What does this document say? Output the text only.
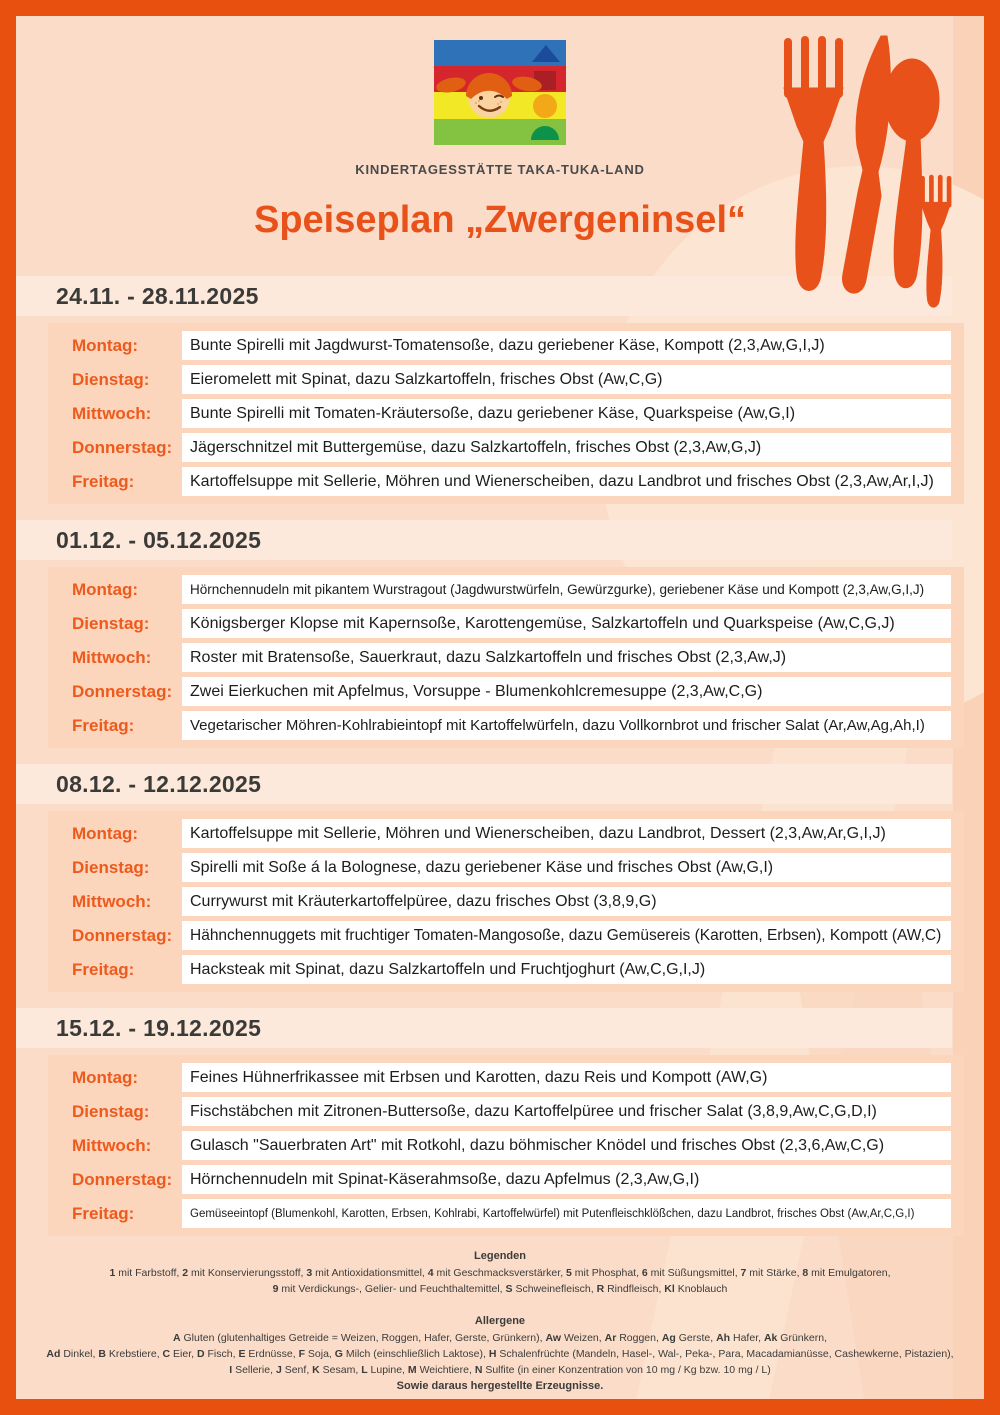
KINDERTAGESSTÄTTE TAKA-TUKA-LAND
Speiseplan „Zwergeninsel“
24.11. - 28.11.2025
Montag:	Bunte Spirelli mit Jagdwurst-Tomatensoße, dazu geriebener Käse, Kompott (2,3,Aw,G,I,J)
Dienstag:	Eieromelett mit Spinat, dazu Salzkartoffeln, frisches Obst (Aw,C,G)
Mittwoch:	Bunte Spirelli mit Tomaten-Kräutersoße, dazu geriebener Käse, Quarkspeise (Aw,G,I)
Donnerstag:	Jägerschnitzel mit Buttergemüse, dazu Salzkartoffeln, frisches Obst (2,3,Aw,G,J)
Freitag:	Kartoffelsuppe mit Sellerie, Möhren und Wienerscheiben, dazu Landbrot und frisches Obst (2,3,Aw,Ar,I,J)
01.12. - 05.12.2025
Montag:	Hörnchennudeln mit pikantem Wurstragout (Jagdwurstwürfeln, Gewürzgurke), geriebener Käse und Kompott (2,3,Aw,G,I,J)
Dienstag:	Königsberger Klopse mit Kapernsoße, Karottengemüse, Salzkartoffeln und Quarkspeise (Aw,C,G,J)
Mittwoch:	Roster mit Bratensoße, Sauerkraut, dazu Salzkartoffeln und frisches Obst (2,3,Aw,J)
Donnerstag:	Zwei Eierkuchen mit Apfelmus, Vorsuppe - Blumenkohlcremesuppe (2,3,Aw,C,G)
Freitag:	Vegetarischer Möhren-Kohlrabieintopf mit Kartoffelwürfeln, dazu Vollkornbrot und frischer Salat (Ar,Aw,Ag,Ah,I)
08.12. - 12.12.2025
Montag:	Kartoffelsuppe mit Sellerie, Möhren und Wienerscheiben, dazu Landbrot, Dessert (2,3,Aw,Ar,G,I,J)
Dienstag:	Spirelli mit Soße á la Bolognese, dazu geriebener Käse und frisches Obst (Aw,G,I)
Mittwoch:	Currywurst mit Kräuterkartoffelpüree, dazu frisches Obst (3,8,9,G)
Donnerstag:	Hähnchennuggets mit fruchtiger Tomaten-Mangosoße, dazu Gemüsereis (Karotten, Erbsen), Kompott (AW,C)
Freitag:	Hacksteak mit Spinat, dazu Salzkartoffeln und Fruchtjoghurt (Aw,C,G,I,J)
15.12. - 19.12.2025
Montag:	Feines Hühnerfrikassee mit Erbsen und Karotten, dazu Reis und Kompott (AW,G)
Dienstag:	Fischstäbchen mit Zitronen-Buttersoße, dazu Kartoffelpüree und frischer Salat (3,8,9,Aw,C,G,D,I)
Mittwoch:	Gulasch "Sauerbraten Art" mit Rotkohl, dazu böhmischer Knödel und frisches Obst (2,3,6,Aw,C,G)
Donnerstag:	Hörnchennudeln mit Spinat-Käserahmsoße, dazu Apfelmus (2,3,Aw,G,I)
Freitag:	Gemüseeintopf (Blumenkohl, Karotten, Erbsen, Kohlrabi, Kartoffelwürfel) mit Putenfleischklößchen, dazu Landbrot, frisches Obst (Aw,Ar,C,G,I)
Legenden
1 mit Farbstoff, 2 mit Konservierungsstoff, 3 mit Antioxidationsmittel, 4 mit Geschmacksverstärker, 5 mit Phosphat, 6 mit Süßungsmittel, 7 mit Stärke, 8 mit Emulgatoren,
9 mit Verdickungs-, Gelier- und Feuchthaltemittel, S Schweinefleisch, R Rindfleisch, Kl Knoblauch
Allergene
A Gluten (glutenhaltiges Getreide = Weizen, Roggen, Hafer, Gerste, Grünkern), Aw Weizen, Ar Roggen, Ag Gerste, Ah Hafer, Ak Grünkern,
Ad Dinkel, B Krebstiere, C Eier, D Fisch, E Erdnüsse, F Soja, G Milch (einschließlich Laktose), H Schalenfrüchte (Mandeln, Hasel-, Wal-, Peka-, Para, Macadamianüsse, Cashewkerne, Pistazien),
I Sellerie, J Senf, K Sesam, L Lupine, M Weichtiere, N Sulfite (in einer Konzentration von 10 mg / Kg bzw. 10 mg / L)
Sowie daraus hergestellte Erzeugnisse.
